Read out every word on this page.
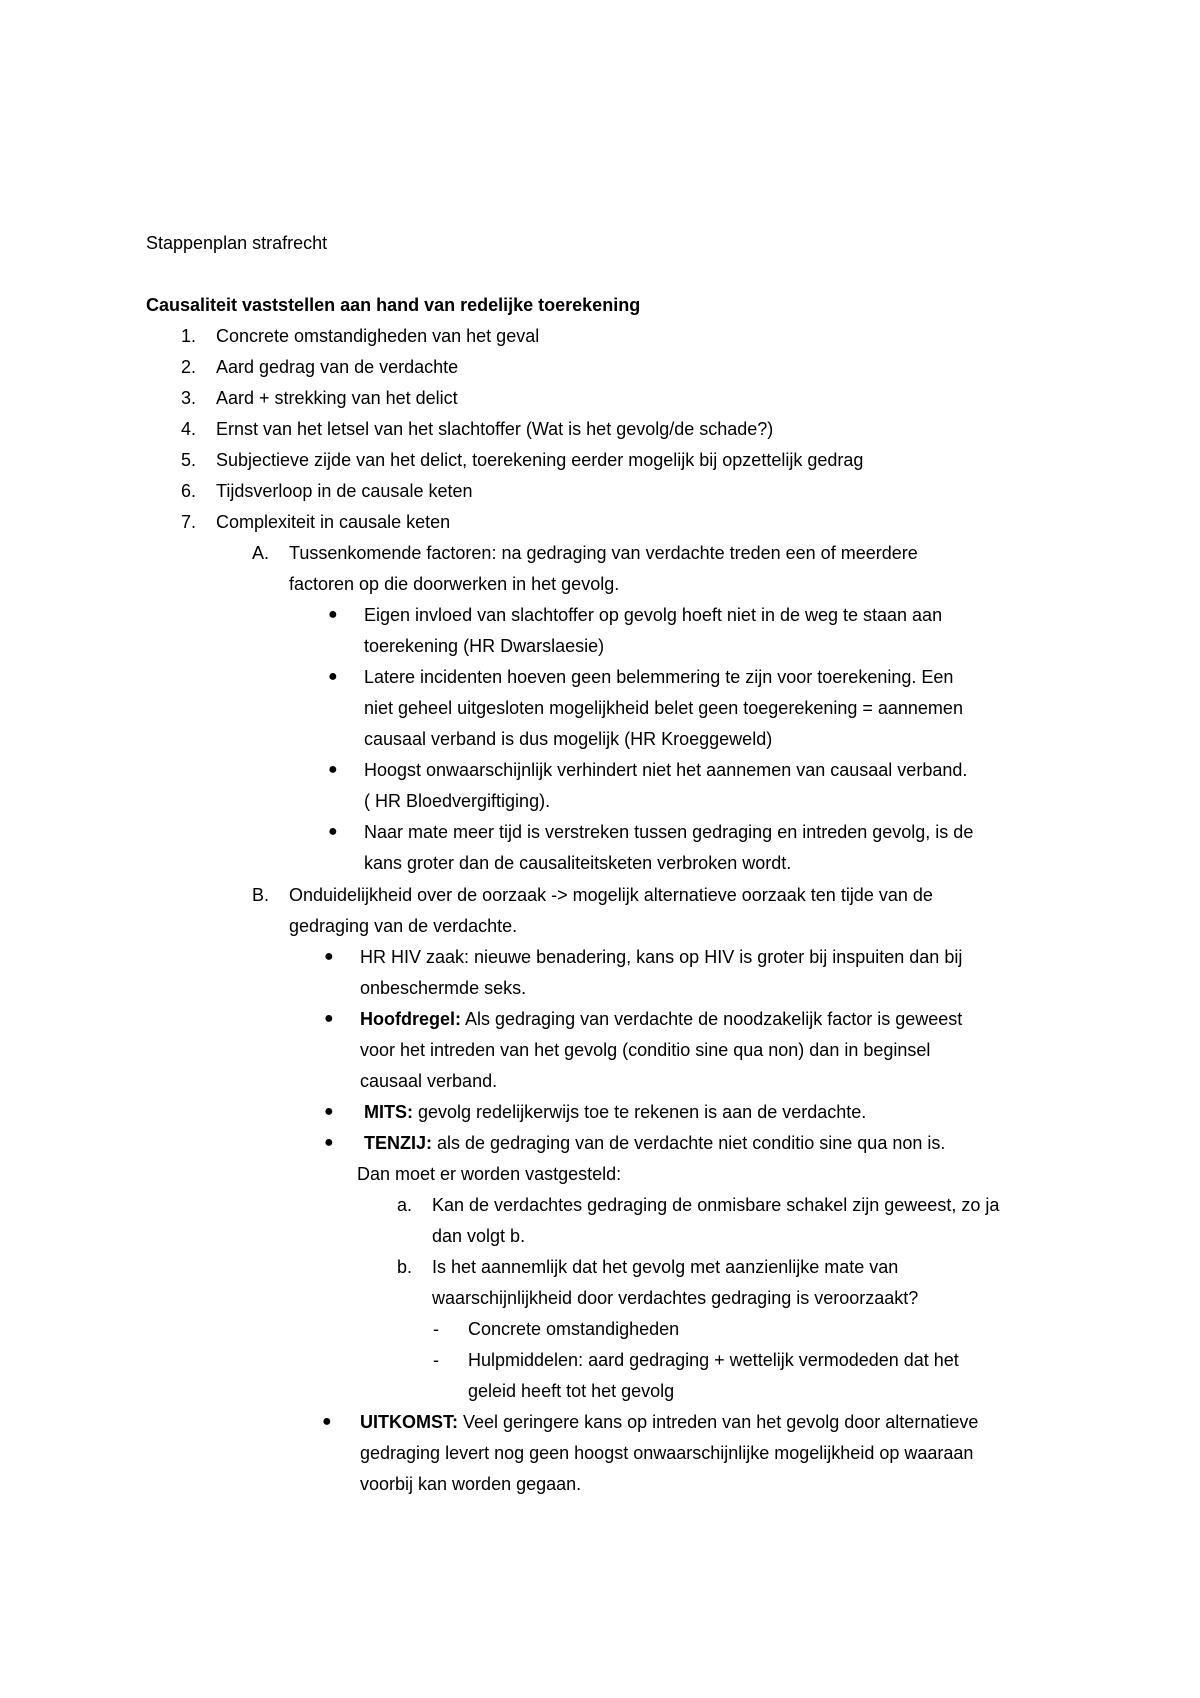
Stappenplan strafrecht
Causaliteit vaststellen aan hand van redelijke toerekening
1. Concrete omstandigheden van het geval
2. Aard gedrag van de verdachte
3. Aard + strekking van het delict
4. Ernst van het letsel van het slachtoffer (Wat is het gevolg/de schade?)
5. Subjectieve zijde van het delict, toerekening eerder mogelijk bij opzettelijk gedrag
6. Tijdsverloop in de causale keten
7. Complexiteit in causale keten
A. Tussenkomende factoren: na gedraging van verdachte treden een of meerdere
factoren op die doorwerken in het gevolg.
● Eigen invloed van slachtoffer op gevolg hoeft niet in de weg te staan aan
toerekening (HR Dwarslaesie)
● Latere incidenten hoeven geen belemmering te zijn voor toerekening. Een
niet geheel uitgesloten mogelijkheid belet geen toegerekening = aannemen
causaal verband is dus mogelijk (HR Kroeggeweld)
● Hoogst onwaarschijnlijk verhindert niet het aannemen van causaal verband.
( HR Bloedvergiftiging).
● Naar mate meer tijd is verstreken tussen gedraging en intreden gevolg, is de
kans groter dan de causaliteitsketen verbroken wordt.
B. Onduidelijkheid over de oorzaak -> mogelijk alternatieve oorzaak ten tijde van de
gedraging van de verdachte.
● HR HIV zaak: nieuwe benadering, kans op HIV is groter bij inspuiten dan bij
onbeschermde seks.
● Hoofdregel: Als gedraging van verdachte de noodzakelijk factor is geweest
voor het intreden van het gevolg (conditio sine qua non) dan in beginsel
causaal verband.
● MITS: gevolg redelijkerwijs toe te rekenen is aan de verdachte.
● TENZIJ: als de gedraging van de verdachte niet conditio sine qua non is.
Dan moet er worden vastgesteld:
a. Kan de verdachtes gedraging de onmisbare schakel zijn geweest, zo ja
dan volgt b.
b. Is het aannemlijk dat het gevolg met aanzienlijke mate van
waarschijnlijkheid door verdachtes gedraging is veroorzaakt?
- Concrete omstandigheden
- Hulpmiddelen: aard gedraging + wettelijk vermodeden dat het
geleid heeft tot het gevolg
● UITKOMST: Veel geringere kans op intreden van het gevolg door alternatieve
gedraging levert nog geen hoogst onwaarschijnlijke mogelijkheid op waaraan
voorbij kan worden gegaan.
